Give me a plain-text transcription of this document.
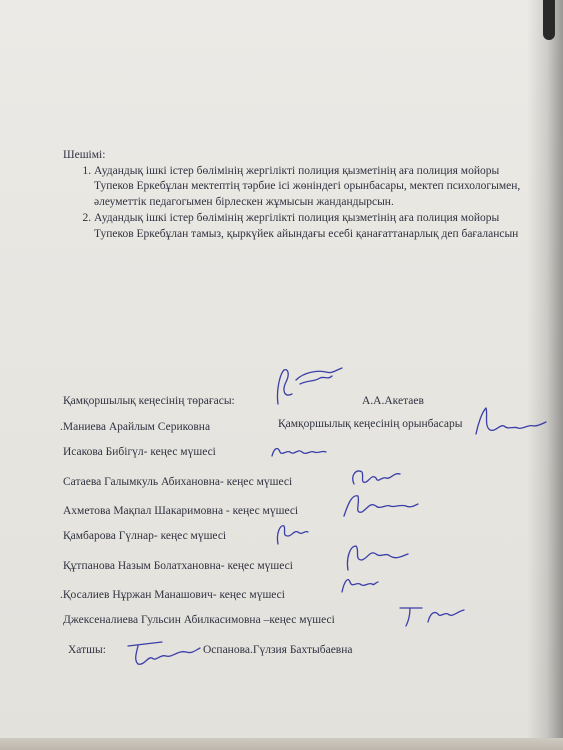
Шешімі:
1. Аудандық ішкі істер бөлімінің жергілікті полиция қызметінің аға полиция мойоры Тупеков Еркебұлан мектептің тәрбие ісі жөніндегі орынбасары, мектеп психологымен, әлеуметтік педагогымен бірлескен жұмысын жандандырсын.
2. Аудандық ішкі істер бөлімінің жергілікті полиция қызметінің аға полиция мойоры Тупеков Еркебұлан тамыз, қыркүйек айындағы есебі қанағаттанарлық деп бағалансын
Қамқоршылық кеңесінің төрағасы:	А.А.Акетаев
.Маниева Арайлым Сериковна	Қамқоршылық кеңесінің орынбасары
Исакова Бибігүл- кеңес мүшесі
Сатаева Галымкуль Абихановна- кеңес мүшесі
Ахметова Мақпал Шакаримовна - кеңес мүшесі
Қамбарова Гүлнар- кеңес мүшесі
Құтпанова Назым Болатхановна- кеңес мүшесі
.Қосалиев Нұржан Манашович- кеңес мүшесі
Джексеналиева Гульсин Абилкасимовна –кеңес мүшесі
Хатшы:	Оспанова.Гүлзия Бахтыбаевна
